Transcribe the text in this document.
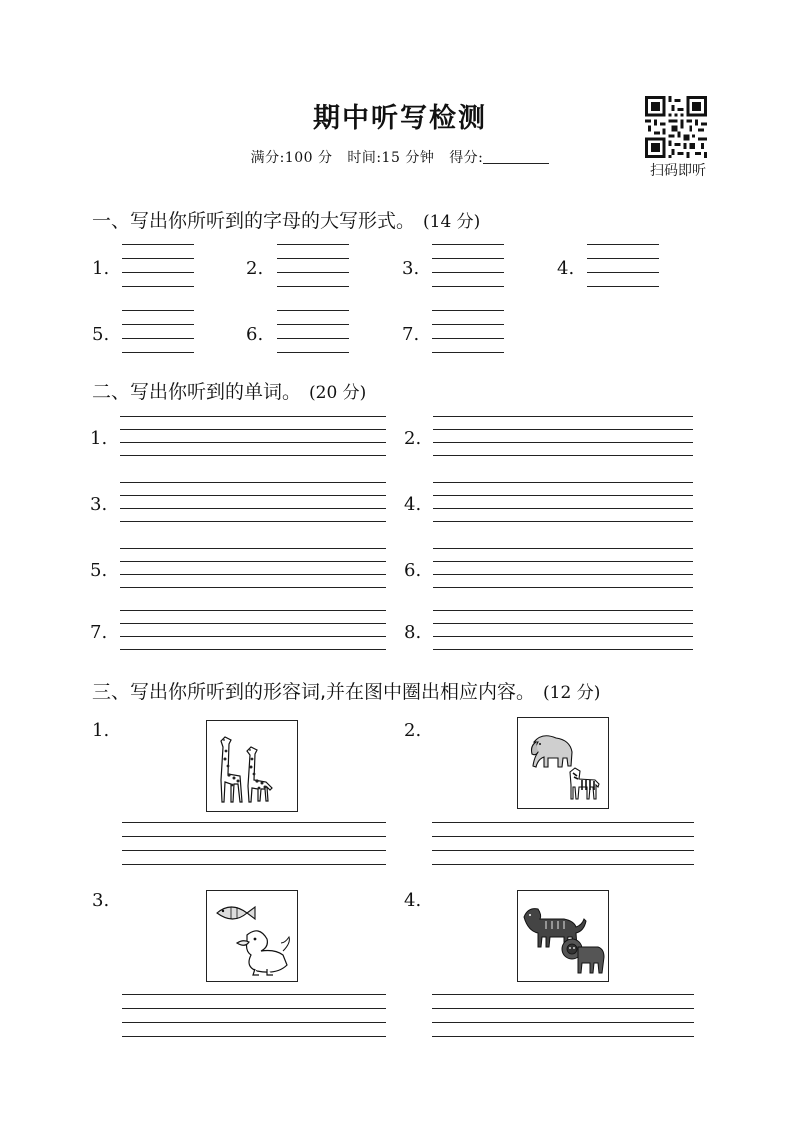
期中听写检测
满分:100 分 时间:15 分钟 得分:
扫码即听
一、写出你所听到的字母的大写形式。 (14 分)
1.	2.	3.	4.
5.	6.	7.
二、写出你听到的单词。 (20 分)
1.	2.
3.	4.
5.	6.
7.	8.
三、写出你所听到的形容词,并在图中圈出相应内容。 (12 分)
1.	2.
3.	4.
